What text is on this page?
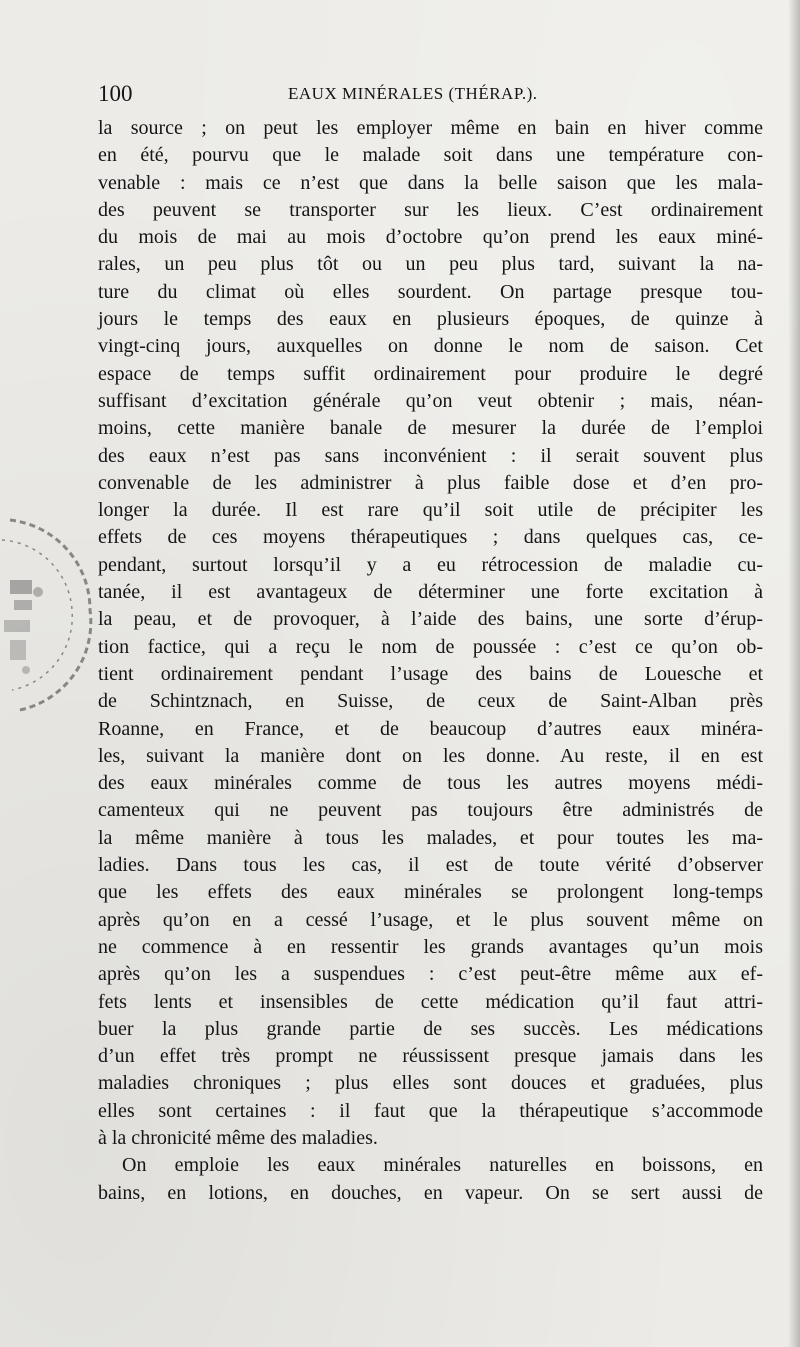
100	EAUX MINÉRALES (THÉRAP.).
la source ; on peut les employer même en bain en hiver comme
en été, pourvu que le malade soit dans une température con-
venable : mais ce n’est que dans la belle saison que les mala-
des peuvent se transporter sur les lieux. C’est ordinairement
du mois de mai au mois d’octobre qu’on prend les eaux miné-
rales, un peu plus tôt ou un peu plus tard, suivant la na-
ture du climat où elles sourdent. On partage presque tou-
jours le temps des eaux en plusieurs époques, de quinze à
vingt-cinq jours, auxquelles on donne le nom de saison. Cet
espace de temps suffit ordinairement pour produire le degré
suffisant d’excitation générale qu’on veut obtenir ; mais, néan-
moins, cette manière banale de mesurer la durée de l’emploi
des eaux n’est pas sans inconvénient : il serait souvent plus
convenable de les administrer à plus faible dose et d’en pro-
longer la durée. Il est rare qu’il soit utile de précipiter les
effets de ces moyens thérapeutiques ; dans quelques cas, ce-
pendant, surtout lorsqu’il y a eu rétrocession de maladie cu-
tanée, il est avantageux de déterminer une forte excitation à
la peau, et de provoquer, à l’aide des bains, une sorte d’érup-
tion factice, qui a reçu le nom de poussée : c’est ce qu’on ob-
tient ordinairement pendant l’usage des bains de Louesche et
de Schintznach, en Suisse, de ceux de Saint-Alban près
Roanne, en France, et de beaucoup d’autres eaux minéra-
les, suivant la manière dont on les donne. Au reste, il en est
des eaux minérales comme de tous les autres moyens médi-
camenteux qui ne peuvent pas toujours être administrés de
la même manière à tous les malades, et pour toutes les ma-
ladies. Dans tous les cas, il est de toute vérité d’observer
que les effets des eaux minérales se prolongent long-temps
après qu’on en a cessé l’usage, et le plus souvent même on
ne commence à en ressentir les grands avantages qu’un mois
après qu’on les a suspendues : c’est peut-être même aux ef-
fets lents et insensibles de cette médication qu’il faut attri-
buer la plus grande partie de ses succès. Les médications
d’un effet très prompt ne réussissent presque jamais dans les
maladies chroniques ; plus elles sont douces et graduées, plus
elles sont certaines : il faut que la thérapeutique s’accommode
à la chronicité même des maladies.
On emploie les eaux minérales naturelles en boissons, en
bains, en lotions, en douches, en vapeur. On se sert aussi de
